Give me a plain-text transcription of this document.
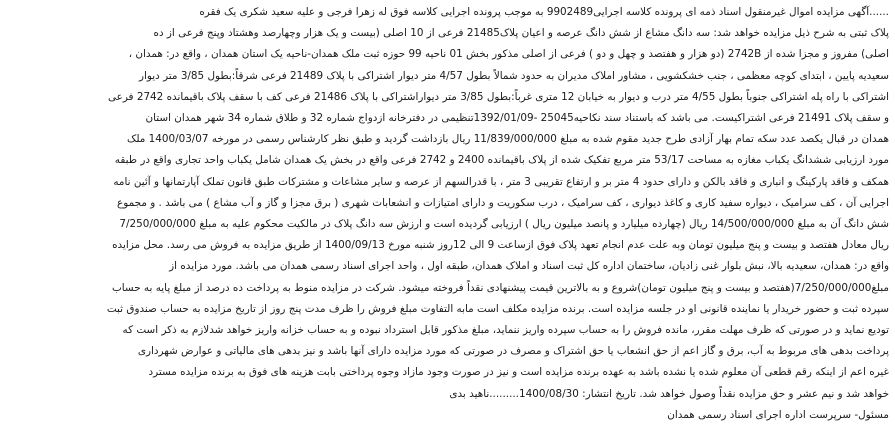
......آگهی مزایده اموال غیرمنقول اسناد ذمه ای پرونده کلاسه اجرایی9902489 به موجب پرونده اجرایی کلاسه فوق له زهرا فرجی و علیه سعید شکری یک فقره
پلاک ثبتی به شرح ذیل مزایده خواهد شد: سه دانگ مشاع از شش دانگ عرصه و اعیان پلاک21485 فرعی از 10 اصلی (بیست و یک هزار وچهارصد وهشتاد وپنج فرعی از ده
اصلی) مفروز و مجزا شده از 2742B (دو هزار و هفتصد و چهل و دو ) فرعی از اصلی مذکور بخش 01 ناحیه 99 حوزه ثبت ملک همدان-ناحیه یک استان همدان ، واقع در: همدان ،
سعیدیه پایین ، ابتدای کوچه معظمی ، جنب خشکشویی ، مشاور املاک مدیران به حدود شمالاً بطول 4/57 متر دیوار اشتراکی با پلاک 21489 فرعی شرقاً:بطول 3/85 متر دیوار
اشتراکی با راه پله اشتراکی جنوباً بطول 4/55 متر درب و دیوار به خیابان 12 متری غرباً:بطول 3/85 متر دیواراشتراکی با پلاک 21486 فرعی کف با سقف پلاک باقیمانده 2742 فرعی
و سقف پلاک 21491 فرعی اشتراکیست. می باشد که باستناد سند نکاحیه25045 -1392/01/09تنظیمی در دفترخانه ازدواج شماره 32 و طلاق شماره 34 شهر همدان استان
همدان در قبال یکصد عدد سکه تمام بهار آزادی طرح جدید مقوم شده به مبلغ 11/839/000/000 ریال بازداشت گردید و طبق نظر کارشناس رسمی در مورخه 1400/03/07 ملک
مورد ارزیابی ششدانگ یکباب مغازه به مساحت 53/17 متر مربع تفکیک شده از پلاک باقیمانده 2400 و 2742 فرعی واقع در بخش یک همدان شامل یکباب واحد تجاری واقع در طبقه
همکف و فاقد پارکینگ و انباری و فاقد بالکن و دارای حدود 4 متر بر و ارتفاع تقریبی 3 متر ، با قدرالسهم از عرصه و سایر مشاعات و مشترکات طبق قانون تملک آپارتمانها و آئین نامه
اجرایی آن ، کف سرامیک ، دیواره سفید کاری و کاغذ دیواری ، کف سرامیک ، درب سکوریت و دارای امتیازات و انشعابات شهری ( برق مجزا و گاز و آب مشاع ) می باشد . و مجموع
شش دانگ آن به مبلغ 14/500/000/000 ریال (چهارده میلیارد و پانصد میلیون ریال ) ارزیابی گردیده است و ارزش سه دانگ پلاک در مالکیت محکوم علیه به مبلغ 7/250/000/000
ریال معادل هفتصد و بیست و پنج میلیون تومان وبه علت عدم انجام تعهد پلاک فوق ازساعت 9 الی 12روز شنبه مورخ 1400/09/13 از طریق مزایده به فروش می رسد. محل مزایده
واقع در: همدان، سعیدیه بالا، نبش بلوار غنی زادیان، ساختمان اداره کل ثبت اسناد و املاک همدان، طبقه اول ، واحد اجرای اسناد رسمی همدان می باشد. مورد مزایده از
مبلغ7/250/000/000(هفتصد و بیست و پنج میلیون تومان)شروع و به بالاترین قیمت پیشنهادی نقداً فروخته میشود. شرکت در مزایده منوط به پرداخت ده درصد از مبلغ پایه به حساب
سپرده ثبت و حضور خریدار یا نماینده قانونی او در جلسه مزایده است. برنده مزایده مکلف است مابه التفاوت مبلغ فروش را ظرف مدت پنج روز از تاریخ مزایده به حساب صندوق ثبت
تودیع نماید و در صورتی که ظرف مهلت مقرر، مانده فروش را به حساب سپرده واریز ننماید، مبلغ مذکور قابل استرداد نبوده و به حساب خزانه واریز خواهد شدلازم به ذکر است که
پرداخت بدهی های مربوط به آب، برق و گاز اعم از حق انشعاب یا حق اشتراک و مصرف در صورتی که مورد مزایده دارای آنها باشد و نیز بدهی های مالیاتی و عوارض شهرداری
غیره اعم از اینکه رقم قطعی آن معلوم شده یا نشده باشد به عهده برنده مزایده است و نیز در صورت وجود مازاد وجوه پرداختی بابت هزینه های فوق به برنده مزایده مسترد
خواهد شد و نیم عشر و حق مزایده نقداً وصول خواهد شد. تاریخ انتشار: 1400/08/30.........ناهید بدی
مسئول- سرپرست اداره اجرای اسناد رسمی همدان
